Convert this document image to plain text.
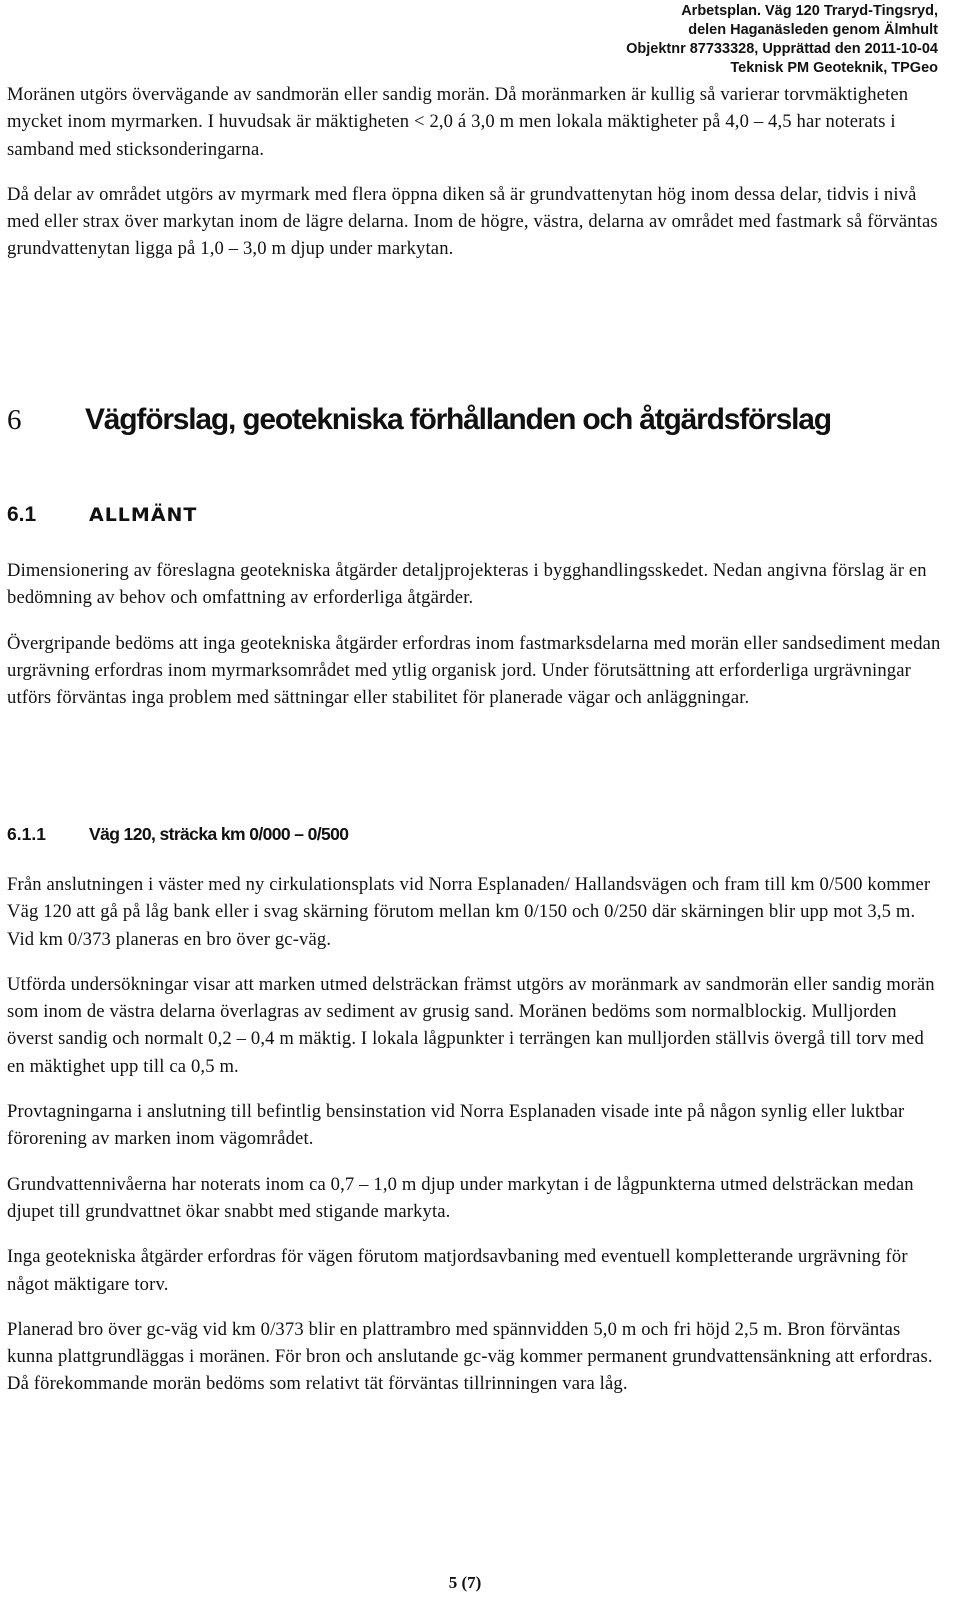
Arbetsplan. Väg 120 Traryd-Tingsryd,
delen Haganäsleden genom Älmhult
Objektnr 87733328, Upprättad den 2011-10-04
Teknisk PM Geoteknik, TPGeo

Moränen utgörs övervägande av sandmorän eller sandig morän. Då moränmarken är kullig så varierar torvmäktigheten mycket inom myrmarken. I huvudsak är mäktigheten < 2,0 á 3,0 m men lokala mäktigheter på 4,0 – 4,5 har noterats i samband med sticksonderingarna.

Då delar av området utgörs av myrmark med flera öppna diken så är grundvattenytan hög inom dessa delar, tidvis i nivå med eller strax över markytan inom de lägre delarna. Inom de högre, västra, delarna av området med fastmark så förväntas grundvattenytan ligga på 1,0 – 3,0 m djup under markytan.

6 Vägförslag, geotekniska förhållanden och åtgärdsförslag
6.1	ALLMÄNT

Dimensionering av föreslagna geotekniska åtgärder detaljprojekteras i bygghandlingsskedet. Nedan angivna förslag är en bedömning av behov och omfattning av erforderliga åtgärder.

Övergripande bedöms att inga geotekniska åtgärder erfordras inom fastmarksdelarna med morän eller sandsediment medan urgrävning erfordras inom myrmarksområdet med ytlig organisk jord. Under förutsättning att erforderliga urgrävningar utförs förväntas inga problem med sättningar eller stabilitet för planerade vägar och anläggningar.

6.1.1 Väg 120, sträcka km 0/000 – 0/500

Från anslutningen i väster med ny cirkulationsplats vid Norra Esplanaden/ Hallandsvägen och fram till km 0/500 kommer Väg 120 att gå på låg bank eller i svag skärning förutom mellan km 0/150 och 0/250 där skärningen blir upp mot 3,5 m. Vid km 0/373 planeras en bro över gc-väg.

Utförda undersökningar visar att marken utmed delsträckan främst utgörs av moränmark av sandmorän eller sandig morän som inom de västra delarna överlagras av sediment av grusig sand. Moränen bedöms som normalblockig. Mulljorden överst sandig och normalt 0,2 – 0,4 m mäktig. I lokala lågpunkter i terrängen kan mulljorden ställvis övergå till torv med en mäktighet upp till ca 0,5 m.

Provtagningarna i anslutning till befintlig bensinstation vid Norra Esplanaden visade inte på någon synlig eller luktbar förorening av marken inom vägområdet.

Grundvattennivåerna har noterats inom ca 0,7 – 1,0 m djup under markytan i de lågpunkterna utmed delsträckan medan djupet till grundvattnet ökar snabbt med stigande markyta.

Inga geotekniska åtgärder erfordras för vägen förutom matjordsavbaning med eventuell kompletterande urgrävning för något mäktigare torv.

Planerad bro över gc-väg vid km 0/373 blir en plattrambro med spännvidden 5,0 m och fri höjd 2,5 m. Bron förväntas kunna plattgrundläggas i moränen. För bron och anslutande gc-väg kommer permanent grundvattensänkning att erfordras. Då förekommande morän bedöms som relativt tät förväntas tillrinningen vara låg.

5 (7)
